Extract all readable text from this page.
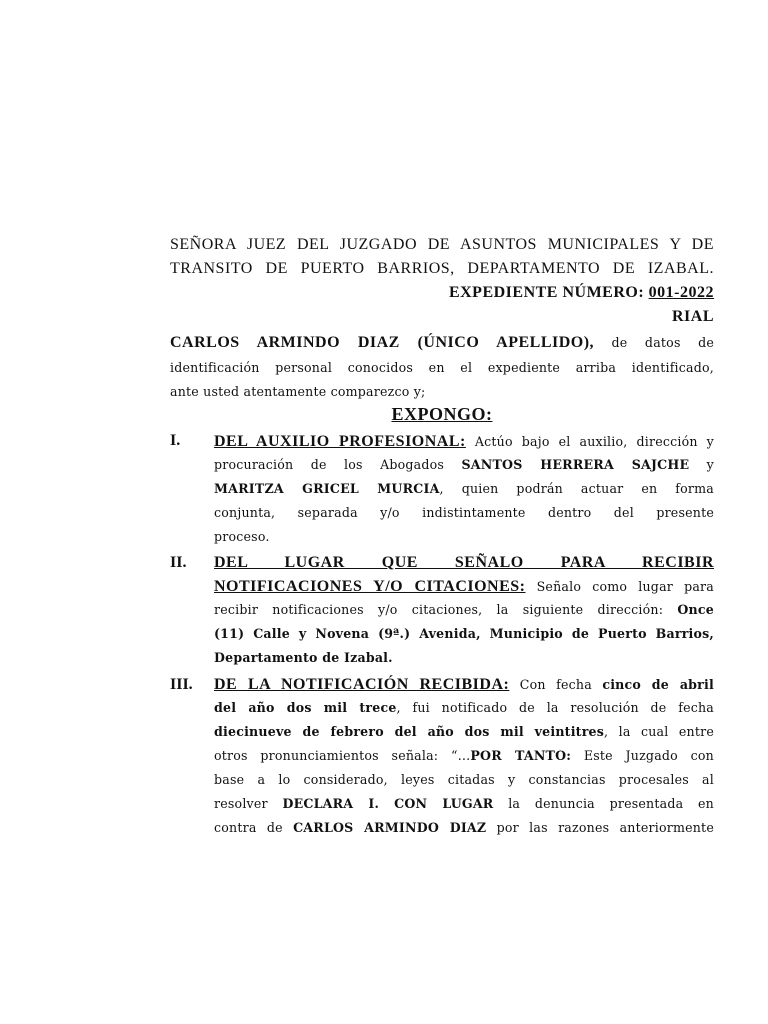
SEÑORA JUEZ DEL JUZGADO DE ASUNTOS MUNICIPALES Y DE
TRANSITO DE PUERTO BARRIOS, DEPARTAMENTO DE IZABAL.
EXPEDIENTE NÚMERO: 001-2022
RIAL
CARLOS ARMINDO DIAZ (ÚNICO APELLIDO), de datos de
identificación personal conocidos en el expediente arriba identificado,
ante usted atentamente comparezco y;
EXPONGO:
I. DEL AUXILIO PROFESIONAL: Actúo bajo el auxilio, dirección y
procuración de los Abogados SANTOS HERRERA SAJCHE y
MARITZA GRICEL MURCIA, quien podrán actuar en forma
conjunta, separada y/o indistintamente dentro del presente
proceso.
II. DEL LUGAR QUE SEÑALO PARA RECIBIR
NOTIFICACIONES Y/O CITACIONES: Señalo como lugar para
recibir notificaciones y/o citaciones, la siguiente dirección: Once
(11) Calle y Novena (9ª.) Avenida, Municipio de Puerto Barrios,
Departamento de Izabal.
III. DE LA NOTIFICACIÓN RECIBIDA: Con fecha cinco de abril
del año dos mil trece, fui notificado de la resolución de fecha
diecinueve de febrero del año dos mil veintitres, la cual entre
otros pronunciamientos señala: “…POR TANTO: Este Juzgado con
base a lo considerado, leyes citadas y constancias procesales al
resolver DECLARA I. CON LUGAR la denuncia presentada en
contra de CARLOS ARMINDO DIAZ por las razones anteriormente
